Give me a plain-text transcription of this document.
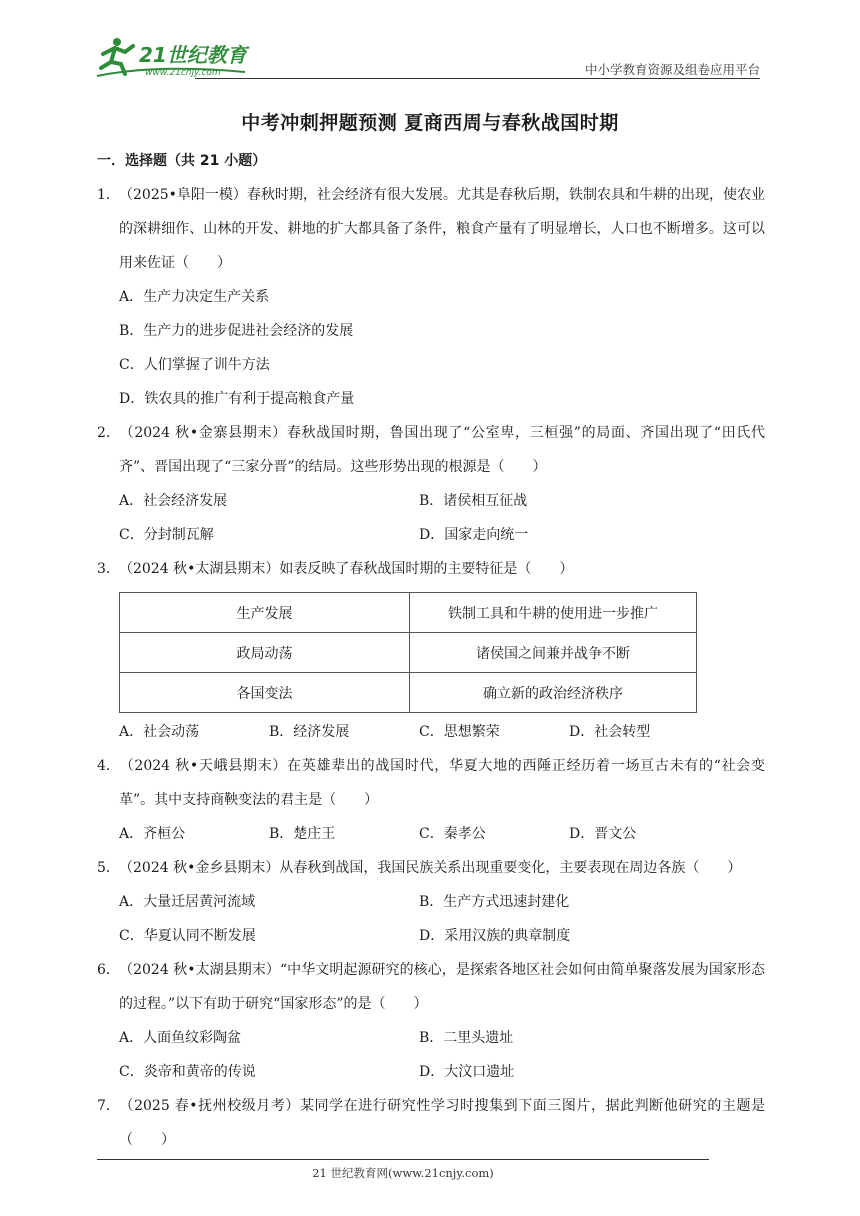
21世纪教育
www.21cnjy.com	中小学教育资源及组卷应用平台
中考冲刺押题预测 夏商西周与春秋战国时期
一．选择题（共 21 小题）
1．（2025•阜阳一模）春秋时期，社会经济有很大发展。尤其是春秋后期，铁制农具和牛耕的出现，使农业的深耕细作、山林的开发、耕地的扩大都具备了条件，粮食产量有了明显增长，人口也不断增多。这可以用来佐证（　　）
A．生产力决定生产关系
B．生产力的进步促进社会经济的发展
C．人们掌握了训牛方法
D．铁农具的推广有利于提高粮食产量
2．（2024 秋•金寨县期末）春秋战国时期，鲁国出现了“公室卑，三桓强”的局面、齐国出现了“田氏代齐”、晋国出现了“三家分晋”的结局。这些形势出现的根源是（　　）
A．社会经济发展	B．诸侯相互征战
C．分封制瓦解	D．国家走向统一
3．（2024 秋•太湖县期末）如表反映了春秋战国时期的主要特征是（　　）
生产发展	铁制工具和牛耕的使用进一步推广
政局动荡	诸侯国之间兼并战争不断
各国变法	确立新的政治经济秩序
A．社会动荡	B．经济发展	C．思想繁荣	D．社会转型
4．（2024 秋•天峨县期末）在英雄辈出的战国时代，华夏大地的西陲正经历着一场亘古未有的“社会变革”。其中支持商鞅变法的君主是（　　）
A．齐桓公	B．楚庄王	C．秦孝公	D．晋文公
5．（2024 秋•金乡县期末）从春秋到战国，我国民族关系出现重要变化，主要表现在周边各族（　　）
A．大量迁居黄河流域	B．生产方式迅速封建化
C．华夏认同不断发展	D．采用汉族的典章制度
6．（2024 秋•太湖县期末）“中华文明起源研究的核心，是探索各地区社会如何由简单聚落发展为国家形态的过程。”以下有助于研究“国家形态”的是（　　）
A．人面鱼纹彩陶盆	B．二里头遗址
C．炎帝和黄帝的传说	D．大汶口遗址
7．（2025 春•抚州校级月考）某同学在进行研究性学习时搜集到下面三图片，据此判断他研究的主题是（　　）
21 世纪教育网(www.21cnjy.com)
